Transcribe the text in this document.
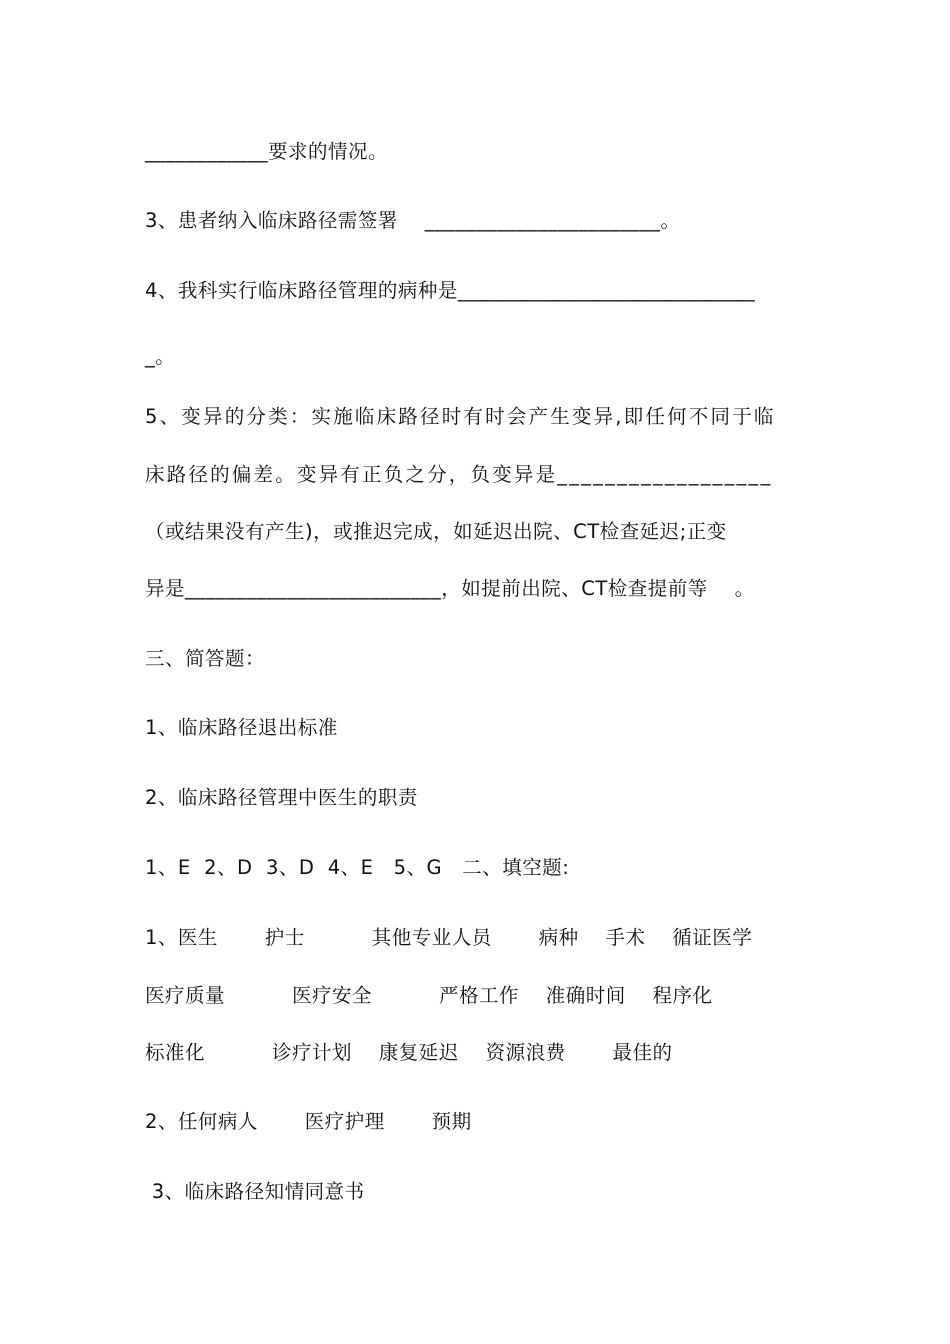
____________要求的情况。
3、患者纳入临床路径需签署    _______________________。
4、我科实行临床路径管理的病种是_____________________________
_。
5、变异的分类：实施临床路径时有时会产生变异,即任何不同于临
床路径的偏差。变异有正负之分，负变异是__________________
（或结果没有产生)，或推迟完成，如延迟出院、CT检查延迟;正变
异是_________________________，如提前出院、CT检查提前等    。
三、简答题：
1、临床路径退出标准
2、临床路径管理中医生的职责
1、E  2、D  3、D  4、E   5、G   二、填空题:
1、医生       护士          其他专业人员       病种    手术    循证医学
医疗质量          医疗安全          严格工作    准确时间    程序化
标准化          诊疗计划    康复延迟    资源浪费       最佳的
2、任何病人       医疗护理       预期
3、临床路径知情同意书
